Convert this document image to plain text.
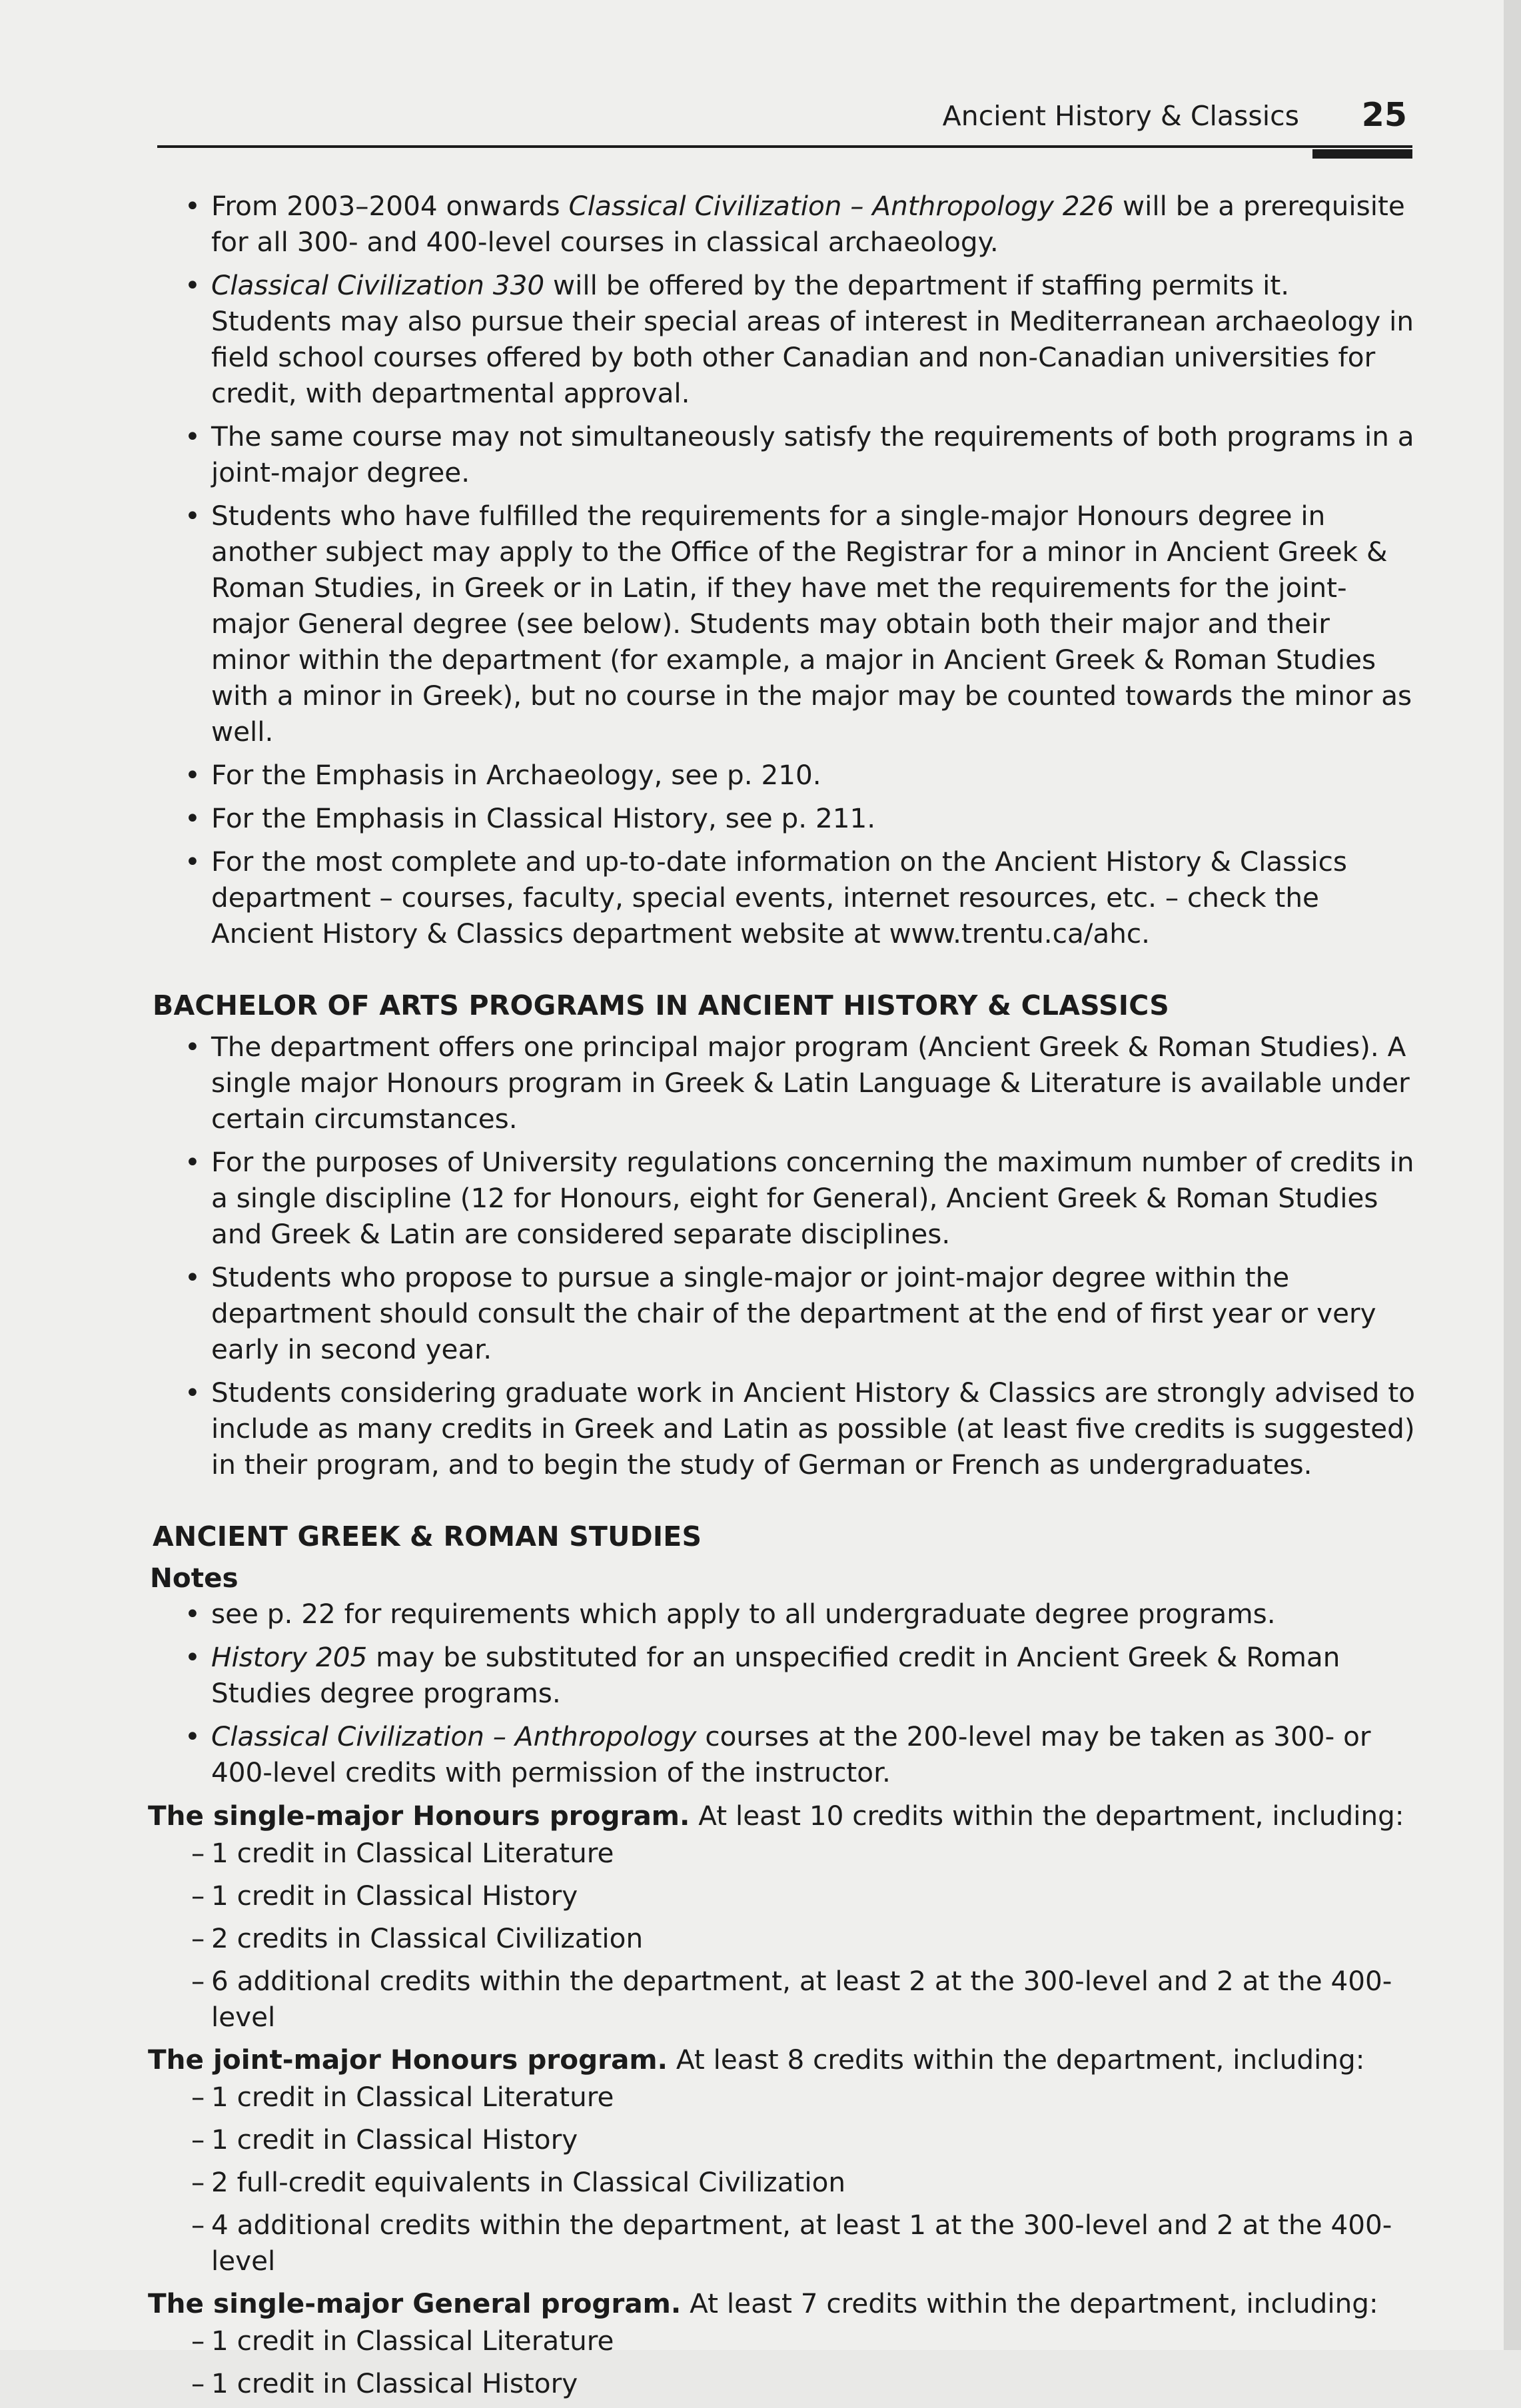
Ancient History & Classics 25
• From 2003–2004 onwards Classical Civilization – Anthropology 226 will be a prerequisite for all 300- and 400-level courses in classical archaeology.
• Classical Civilization 330 will be offered by the department if staffing permits it. Students may also pursue their special areas of interest in Mediterranean archaeology in field school courses offered by both other Canadian and non-Canadian universities for credit, with departmental approval.
• The same course may not simultaneously satisfy the requirements of both programs in a joint-major degree.
• Students who have fulfilled the requirements for a single-major Honours degree in another subject may apply to the Office of the Registrar for a minor in Ancient Greek & Roman Studies, in Greek or in Latin, if they have met the requirements for the joint-major General degree (see below). Students may obtain both their major and their minor within the department (for example, a major in Ancient Greek & Roman Studies with a minor in Greek), but no course in the major may be counted towards the minor as well.
• For the Emphasis in Archaeology, see p. 210.
• For the Emphasis in Classical History, see p. 211.
• For the most complete and up-to-date information on the Ancient History & Classics department – courses, faculty, special events, internet resources, etc. – check the Ancient History & Classics department website at www.trentu.ca/ahc.
BACHELOR OF ARTS PROGRAMS IN ANCIENT HISTORY & CLASSICS
• The department offers one principal major program (Ancient Greek & Roman Studies). A single major Honours program in Greek & Latin Language & Literature is available under certain circumstances.
• For the purposes of University regulations concerning the maximum number of credits in a single discipline (12 for Honours, eight for General), Ancient Greek & Roman Studies and Greek & Latin are considered separate disciplines.
• Students who propose to pursue a single-major or joint-major degree within the department should consult the chair of the department at the end of first year or very early in second year.
• Students considering graduate work in Ancient History & Classics are strongly advised to include as many credits in Greek and Latin as possible (at least five credits is suggested) in their program, and to begin the study of German or French as undergraduates.
ANCIENT GREEK & ROMAN STUDIES

Notes

• see p. 22 for requirements which apply to all undergraduate degree programs.
• History 205 may be substituted for an unspecified credit in Ancient Greek & Roman Studies degree programs.
• Classical Civilization – Anthropology courses at the 200-level may be taken as 300- or 400-level credits with permission of the instructor.

The single-major Honours program. At least 10 credits within the department, including:

– 1 credit in Classical Literature
– 1 credit in Classical History
– 2 credits in Classical Civilization
– 6 additional credits within the department, at least 2 at the 300-level and 2 at the 400-level

The joint-major Honours program. At least 8 credits within the department, including:

– 1 credit in Classical Literature
– 1 credit in Classical History
– 2 full-credit equivalents in Classical Civilization
– 4 additional credits within the department, at least 1 at the 300-level and 2 at the 400-level

The single-major General program. At least 7 credits within the department, including:

– 1 credit in Classical Literature
– 1 credit in Classical History
